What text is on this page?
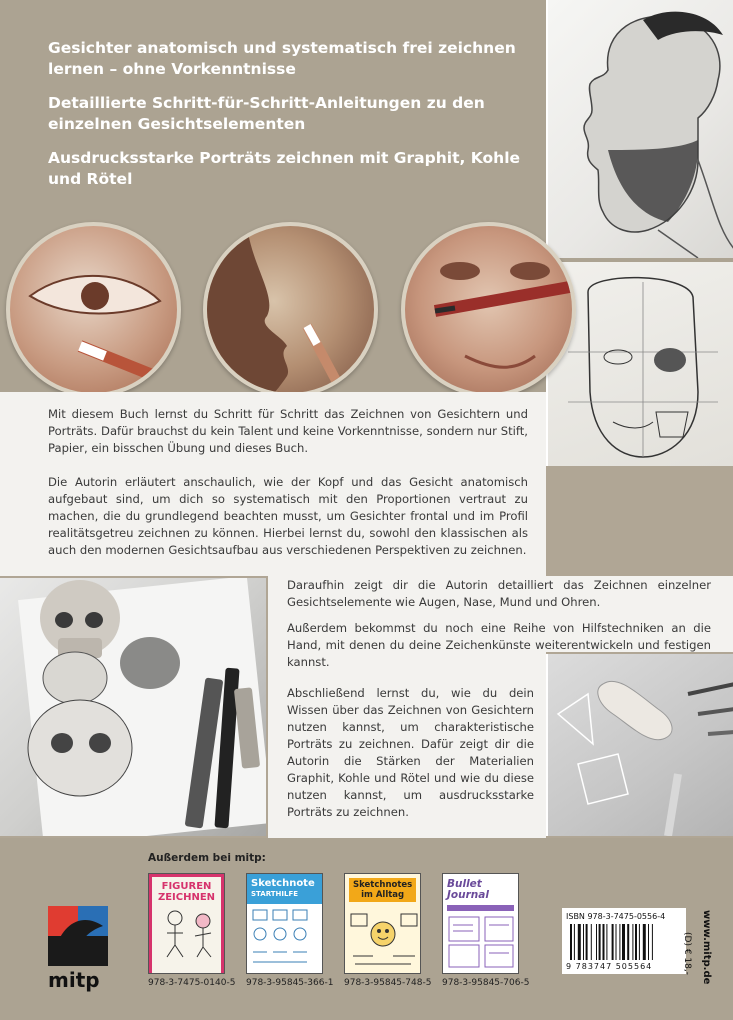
Gesichter anatomisch und systematisch frei zeichnen lernen – ohne Vorkenntnisse
Detaillierte Schritt-für-Schritt-Anleitungen zu den einzelnen Gesichtselementen
Ausdrucksstarke Porträts zeichnen mit Graphit, Kohle und Rötel
Mit diesem Buch lernst du Schritt für Schritt das Zeichnen von Gesichtern und Porträts. Dafür brauchst du kein Talent und keine Vorkenntnisse, sondern nur Stift, Papier, ein bisschen Übung und dieses Buch.
Die Autorin erläutert anschaulich, wie der Kopf und das Gesicht anatomisch aufgebaut sind, um dich so systematisch mit den Proportionen vertraut zu machen, die du grundlegend beachten musst, um Gesichter frontal und im Profil realitätsgetreu zeichnen zu können. Hierbei lernst du, sowohl den klassischen als auch den modernen Gesichtsaufbau aus verschiedenen Perspektiven zu zeichnen.
Daraufhin zeigt dir die Autorin detailliert das Zeichnen einzelner Gesichtselemente wie Augen, Nase, Mund und Ohren.
Außerdem bekommst du noch eine Reihe von Hilfstechniken an die Hand, mit denen du deine Zeichenkünste weiterentwickeln und festigen kannst.
Abschließend lernst du, wie du dein Wissen über das Zeichnen von Gesichtern nutzen kannst, um charakteristische Porträts zu zeichnen. Dafür zeigt dir die Autorin die Stärken der Materialien Graphit, Kohle und Rötel und wie du diese nutzen kannst, um ausdrucksstarke Porträts zu zeichnen.
Außerdem bei mitp:
FIGUREN
ZEICHNEN
978-3-7475-0140-5
Sketchnote
STARTHILFE
978-3-95845-366-1
Sketchnotes
im Alltag
978-3-95845-748-5
Bullet
Journal
978-3-95845-706-5
ISBN 978-3-7475-0556-4
9 783747 505564	www.mitp.de
(D) € 18,-
mitp
